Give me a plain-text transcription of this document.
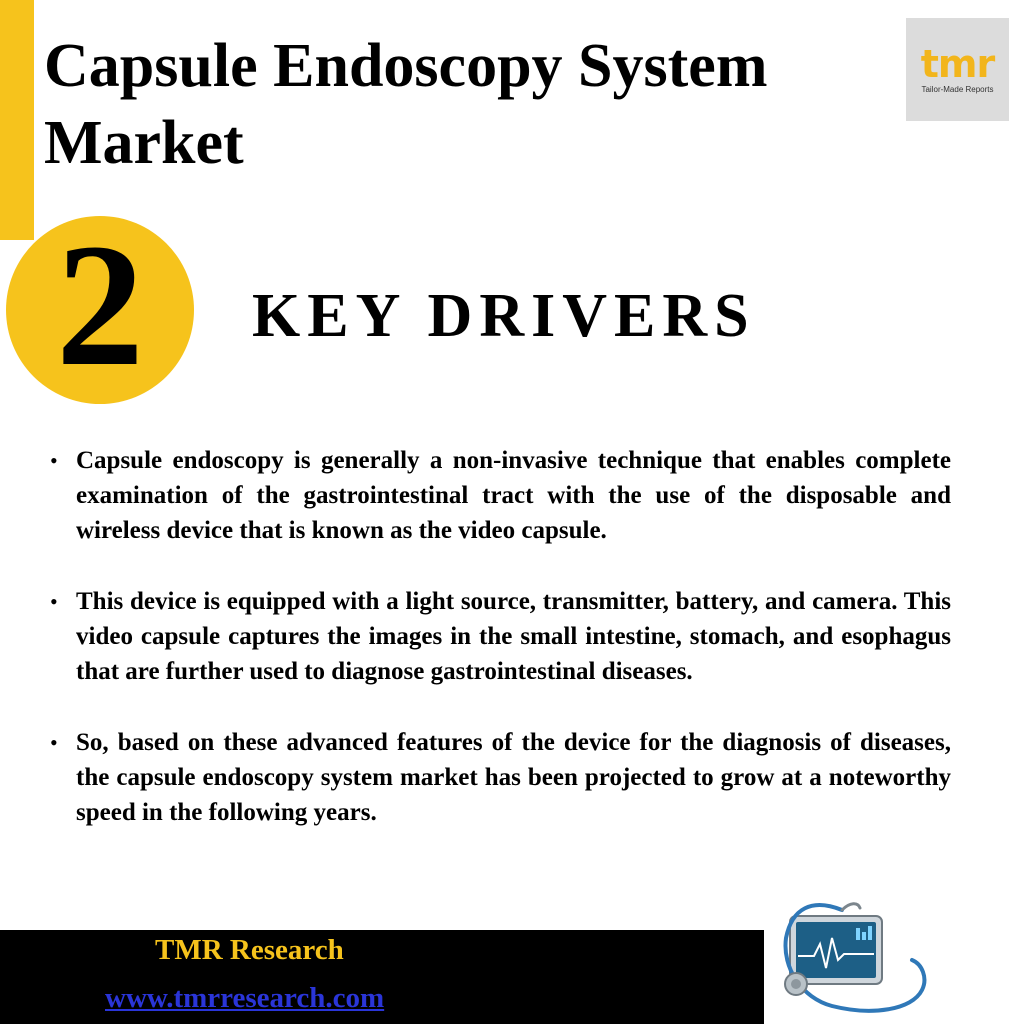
Capsule Endoscopy System Market
tmr
Tailor-Made Reports
2 KEY DRIVERS
• Capsule endoscopy is generally a non-invasive technique that enables complete examination of the gastrointestinal tract with the use of the disposable and wireless device that is known as the video capsule.
• This device is equipped with a light source, transmitter, battery, and camera. This video capsule captures the images in the small intestine, stomach, and esophagus that are further used to diagnose gastrointestinal diseases.
• So, based on these advanced features of the device for the diagnosis of diseases, the capsule endoscopy system market has been projected to grow at a noteworthy speed in the following years.
TMR Research
www.tmrresearch.com
